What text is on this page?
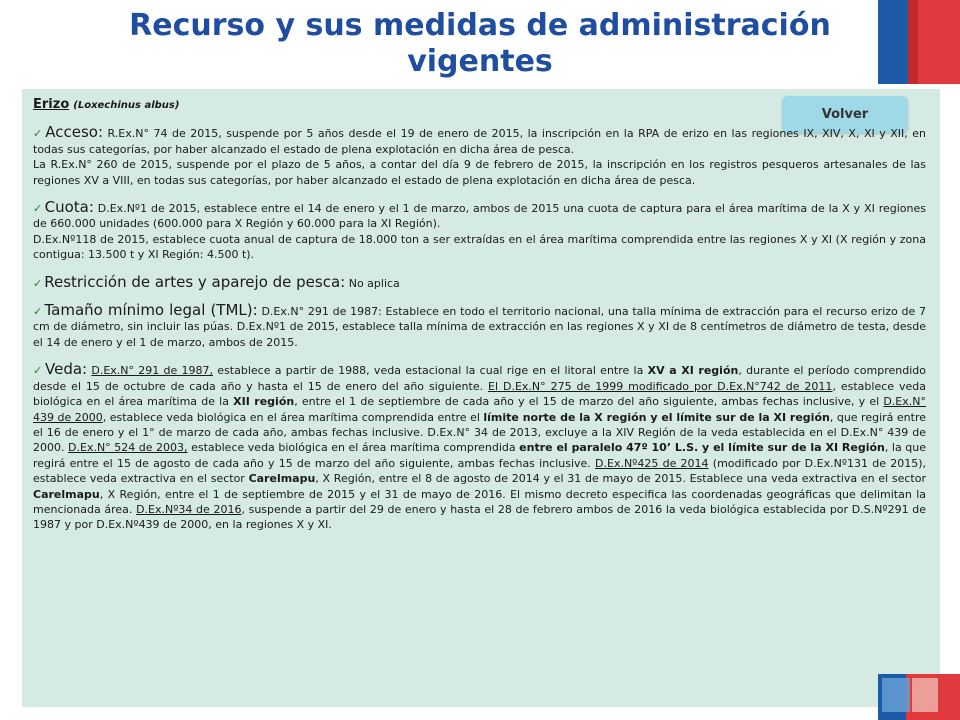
Recurso y sus medidas de administración vigentes
Volver

Erizo (Loxechinus albus)

✓ Acceso: R.Ex.N° 74 de 2015, suspende por 5 años desde el 19 de enero de 2015, la inscripción en la RPA de erizo en las regiones IX, XIV, X, XI y XII, en todas sus categorías, por haber alcanzado el estado de plena explotación en dicha área de pesca.

La R.Ex.N° 260 de 2015, suspende por el plazo de 5 años, a contar del día 9 de febrero de 2015, la inscripción en los registros pesqueros artesanales de las regiones XV a VIII, en todas sus categorías, por haber alcanzado el estado de plena explotación en dicha área de pesca.

✓ Cuota: D.Ex.Nº1 de 2015, establece entre el 14 de enero y el 1 de marzo, ambos de 2015 una cuota de captura para el área marítima de la X y XI regiones de 660.000 unidades (600.000 para X Región y 60.000 para la XI Región).

D.Ex.Nº118 de 2015, establece cuota anual de captura de 18.000 ton a ser extraídas en el área marítima comprendida entre las regiones X y XI (X región y zona contigua: 13.500 t y XI Región: 4.500 t).

✓ Restricción de artes y aparejo de pesca: No aplica

✓ Tamaño mínimo legal (TML): D.Ex.N° 291 de 1987: Establece en todo el territorio nacional, una talla mínima de extracción para el recurso erizo de 7 cm de diámetro, sin incluir las púas. D.Ex.Nº1 de 2015, establece talla mínima de extracción en las regiones X y XI de 8 centímetros de diámetro de testa, desde el 14 de enero y el 1 de marzo, ambos de 2015.

✓ Veda: D.Ex.N° 291 de 1987, establece a partir de 1988, veda estacional la cual rige en el litoral entre la XV a XI región, durante el período comprendido desde el 15 de octubre de cada año y hasta el 15 de enero del año siguiente. El D.Ex.N° 275 de 1999 modificado por D.Ex.N°742 de 2011, establece veda biológica en el área marítima de la XII región, entre el 1 de septiembre de cada año y el 15 de marzo del año siguiente, ambas fechas inclusive, y el D.Ex.N° 439 de 2000, establece veda biológica en el área marítima comprendida entre el límite norte de la X región y el límite sur de la XI región, que regirá entre el 16 de enero y el 1° de marzo de cada año, ambas fechas inclusive. D.Ex.N° 34 de 2013, excluye a la XIV Región de la veda establecida en el D.Ex.N° 439 de 2000. D.Ex.N° 524 de 2003, establece veda biológica en el área marítima comprendida entre el paralelo 47º 10’ L.S. y el límite sur de la XI Región, la que regirá entre el 15 de agosto de cada año y 15 de marzo del año siguiente, ambas fechas inclusive. D.Ex.Nº425 de 2014 (modificado por D.Ex.Nº131 de 2015), establece veda extractiva en el sector Carelmapu, X Región, entre el 8 de agosto de 2014 y el 31 de mayo de 2015. Establece una veda extractiva en el sector Carelmapu, X Región, entre el 1 de septiembre de 2015 y el 31 de mayo de 2016. El mismo decreto especifica las coordenadas geográficas que delimitan la mencionada área. D.Ex.Nº34 de 2016, suspende a partir del 29 de enero y hasta el 28 de febrero ambos de 2016 la veda biológica establecida por D.S.Nº291 de 1987 y por D.Ex.Nº439 de 2000, en la regiones X y XI.
